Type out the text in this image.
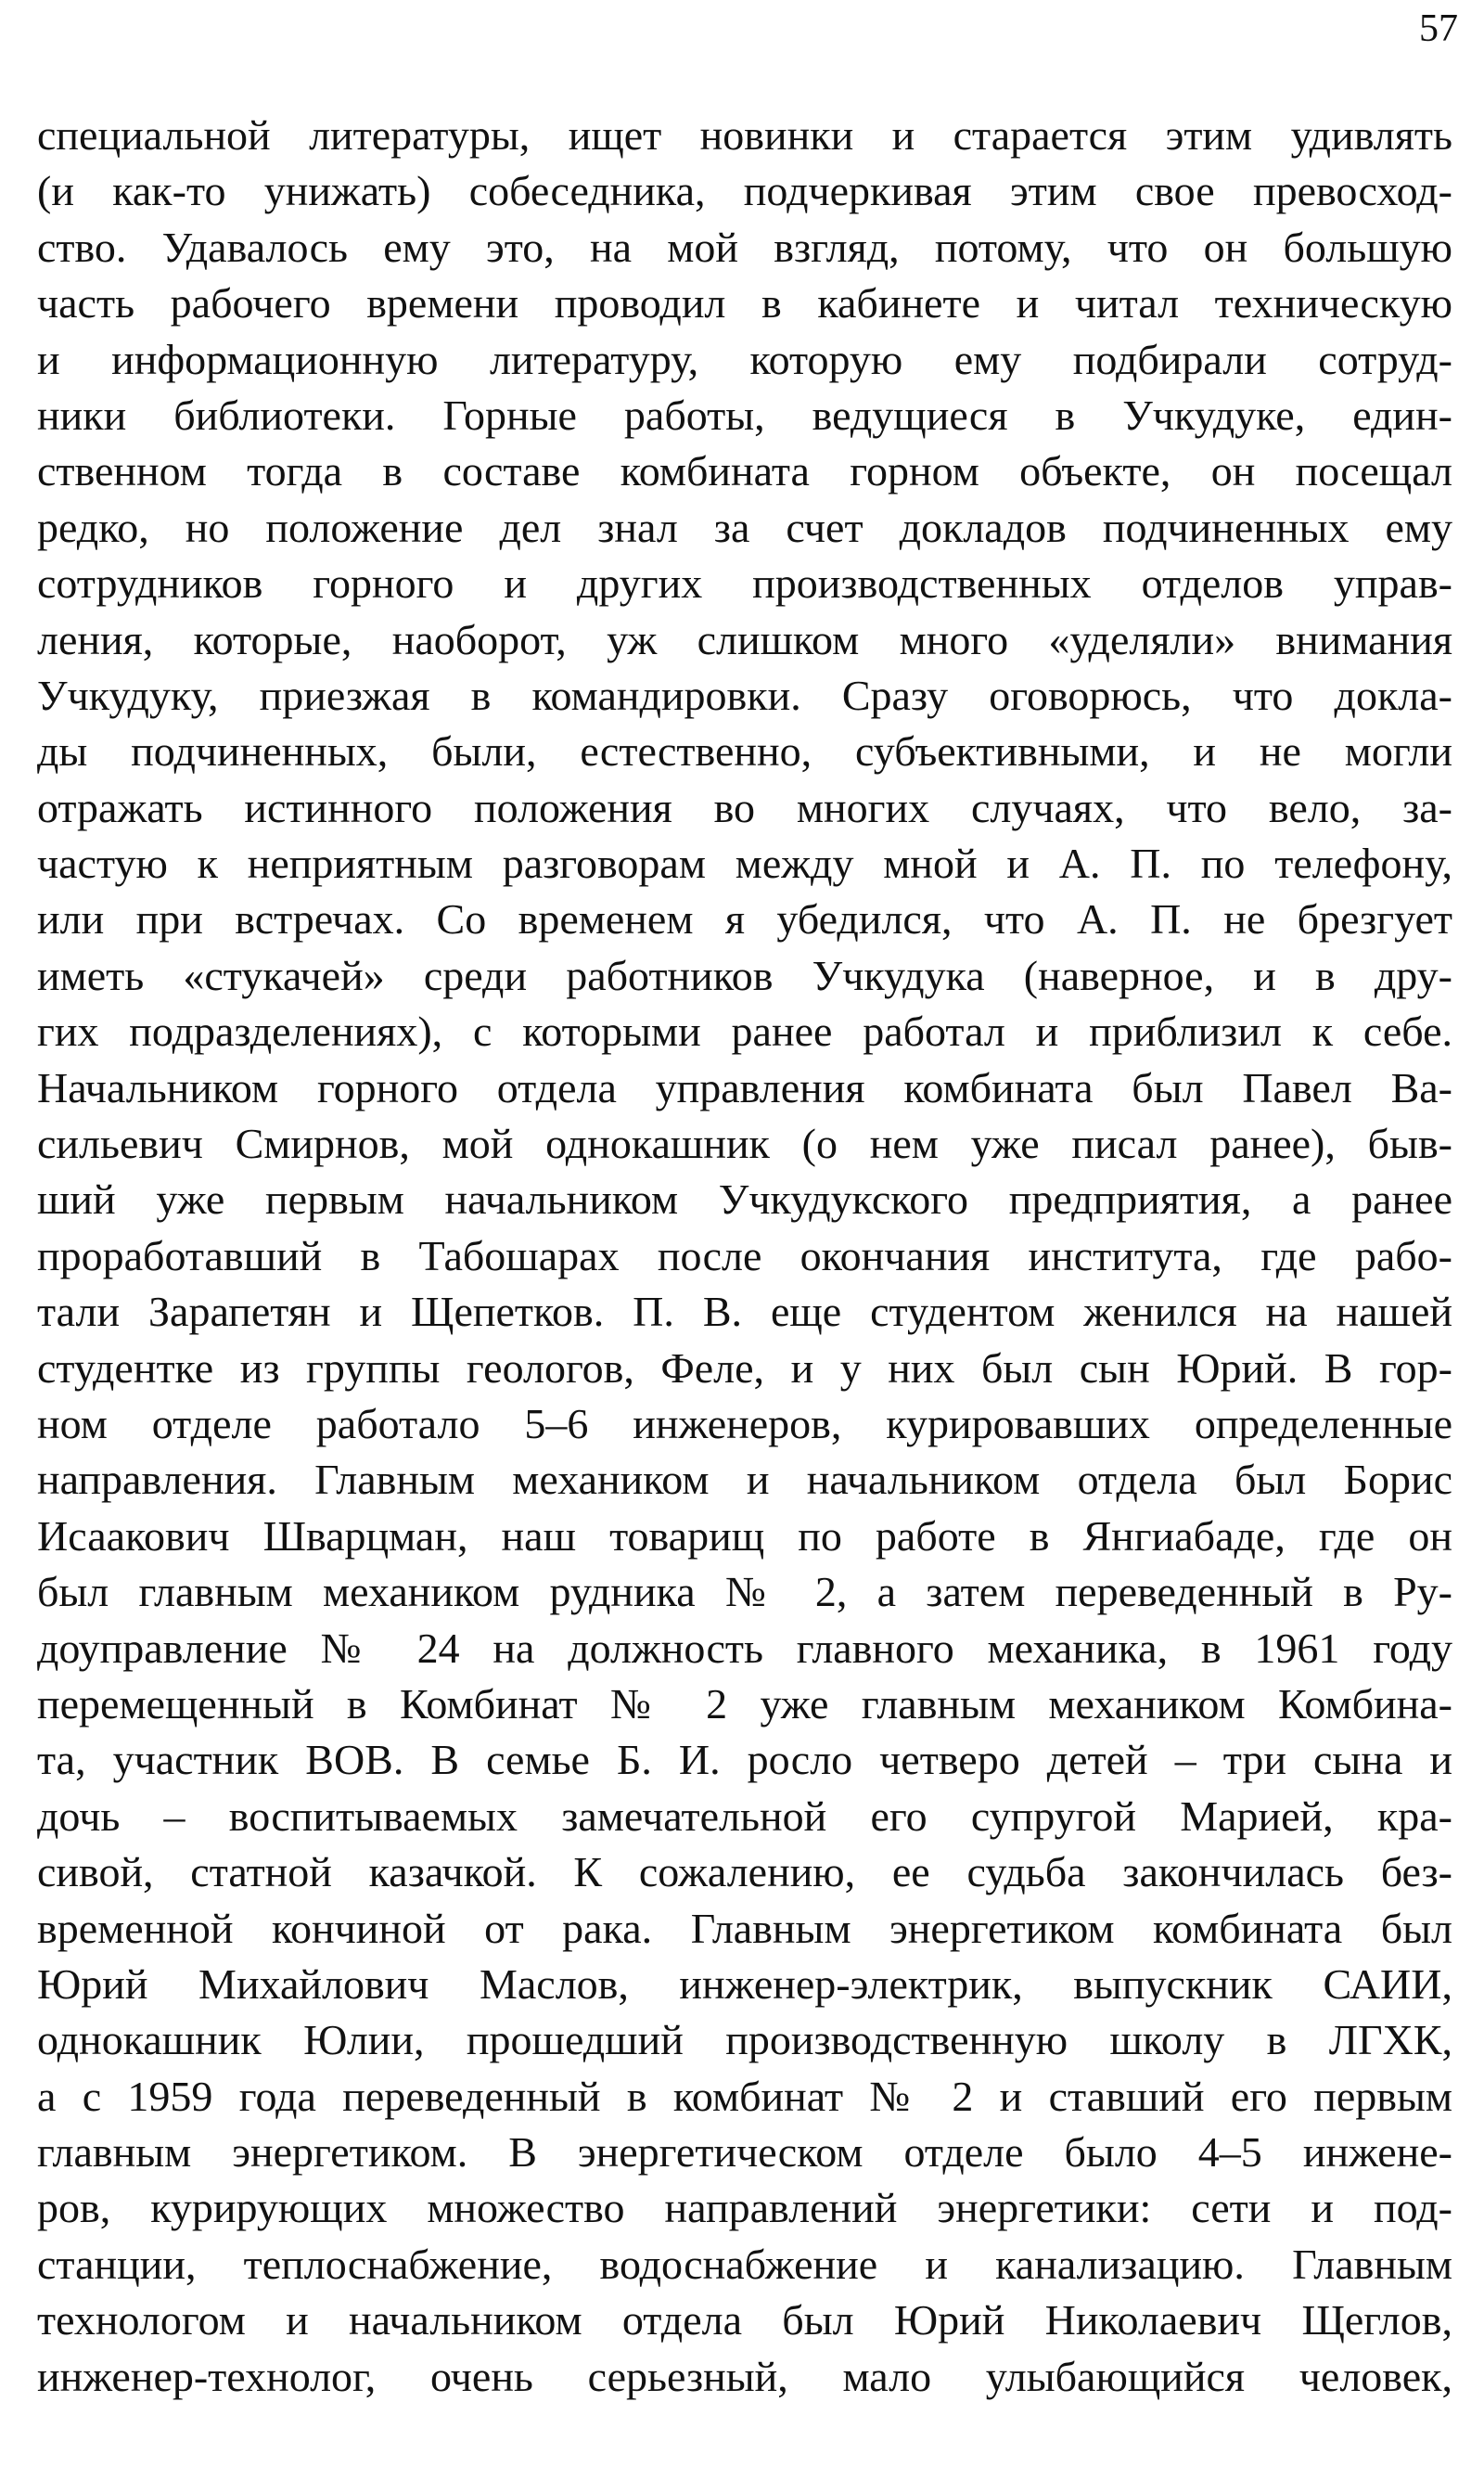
57
специальной литературы, ищет новинки и старается этим удивлять
(и как-то унижать) собеседника, подчеркивая этим свое превосход-
ство. Удавалось ему это, на мой взгляд, потому, что он большую
часть рабочего времени проводил в кабинете и читал техническую
и информационную литературу, которую ему подбирали сотруд-
ники библиотеки. Горные работы, ведущиеся в Учкудуке, един-
ственном тогда в составе комбината горном объекте, он посещал
редко, но положение дел знал за счет докладов подчиненных ему
сотрудников горного и других производственных отделов управ-
ления, которые, наоборот, уж слишком много «уделяли» внимания
Учкудуку, приезжая в командировки. Сразу оговорюсь, что докла-
ды подчиненных, были, естественно, субъективными, и не могли
отражать истинного положения во многих случаях, что вело, за-
частую к неприятным разговорам между мной и А. П. по телефону,
или при встречах. Со временем я убедился, что А. П. не брезгует
иметь «стукачей» среди работников Учкудука (наверное, и в дру-
гих подразделениях), с которыми ранее работал и приблизил к себе.
Начальником горного отдела управления комбината был Павел Ва-
сильевич Смирнов, мой однокашник (о нем уже писал ранее), быв-
ший уже первым начальником Учкудукского предприятия, а ранее
проработавший в Табошарах после окончания института, где рабо-
тали Зарапетян и Щепетков. П. В. еще студентом женился на нашей
студентке из группы геологов, Феле, и у них был сын Юрий. В гор-
ном отделе работало 5–6 инженеров, курировавших определенные
направления. Главным механиком и начальником отдела был Борис
Исаакович Шварцман, наш товарищ по работе в Янгиабаде, где он
был главным механиком рудника № 2, а затем переведенный в Ру-
доуправление № 24 на должность главного механика, в 1961 году
перемещенный в Комбинат № 2 уже главным механиком Комбина-
та, участник ВОВ. В семье Б. И. росло четверо детей – три сына и
дочь – воспитываемых замечательной его супругой Марией, кра-
сивой, статной казачкой. К сожалению, ее судьба закончилась без-
временной кончиной от рака. Главным энергетиком комбината был
Юрий Михайлович Маслов, инженер-электрик, выпускник САИИ,
однокашник Юлии, прошедший производственную школу в ЛГХК,
а с 1959 года переведенный в комбинат № 2 и ставший его первым
главным энергетиком. В энергетическом отделе было 4–5 инжене-
ров, курирующих множество направлений энергетики: сети и под-
станции, теплоснабжение, водоснабжение и канализацию. Главным
технологом и начальником отдела был Юрий Николаевич Щеглов,
инженер-технолог, очень серьезный, мало улыбающийся человек,
